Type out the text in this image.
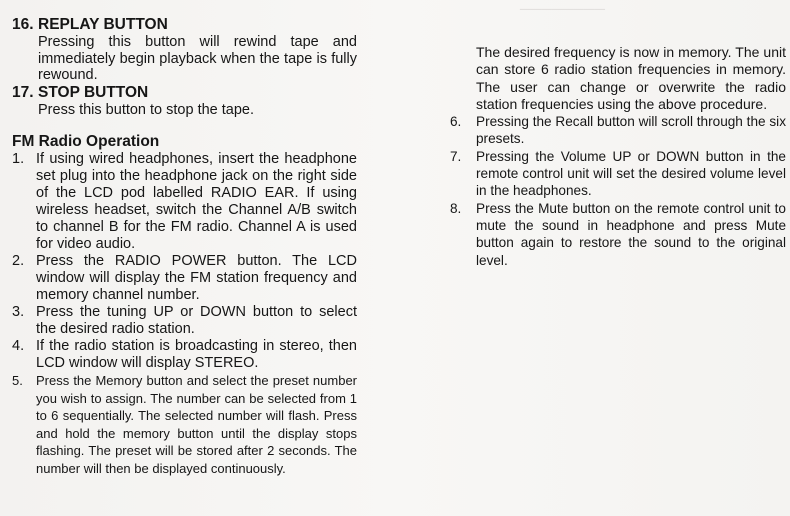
────────
16. REPLAY BUTTON
Pressing this button will rewind tape and immediately begin playback when the tape is fully rewound.
17. STOP BUTTON
Press this button to stop the tape.
FM Radio Operation
1. If using wired headphones, insert the headphone set plug into the headphone jack on the right side of the LCD pod labelled RADIO EAR. If using wireless headset, switch the Channel A/B switch to channel B for the FM radio. Channel A is used for video audio.
2. Press the RADIO POWER button. The LCD window will display the FM station frequency and memory channel number.
3. Press the tuning UP or DOWN button to select the desired radio station.
4. If the radio station is broadcasting in stereo, then LCD window will display STEREO.
5.	Press the Memory button and select the preset number you wish to assign. The number can be selected from 1 to 6 sequentially. The selected number will flash. Press and hold the memory button until the display stops flashing. The preset will be stored after 2 seconds. The number will then be displayed continuously.

The desired frequency is now in memory. The unit can store 6 radio station frequencies in memory. The user can change or overwrite the radio station frequencies using the above procedure.

6.	Pressing the Recall button will scroll through the six presets.
7.	Pressing the Volume UP or DOWN button in the remote control unit will set the desired volume level in the headphones.
8.	Press the Mute button on the remote control unit to mute the sound in headphone and press Mute button again to restore the sound to the original level.
